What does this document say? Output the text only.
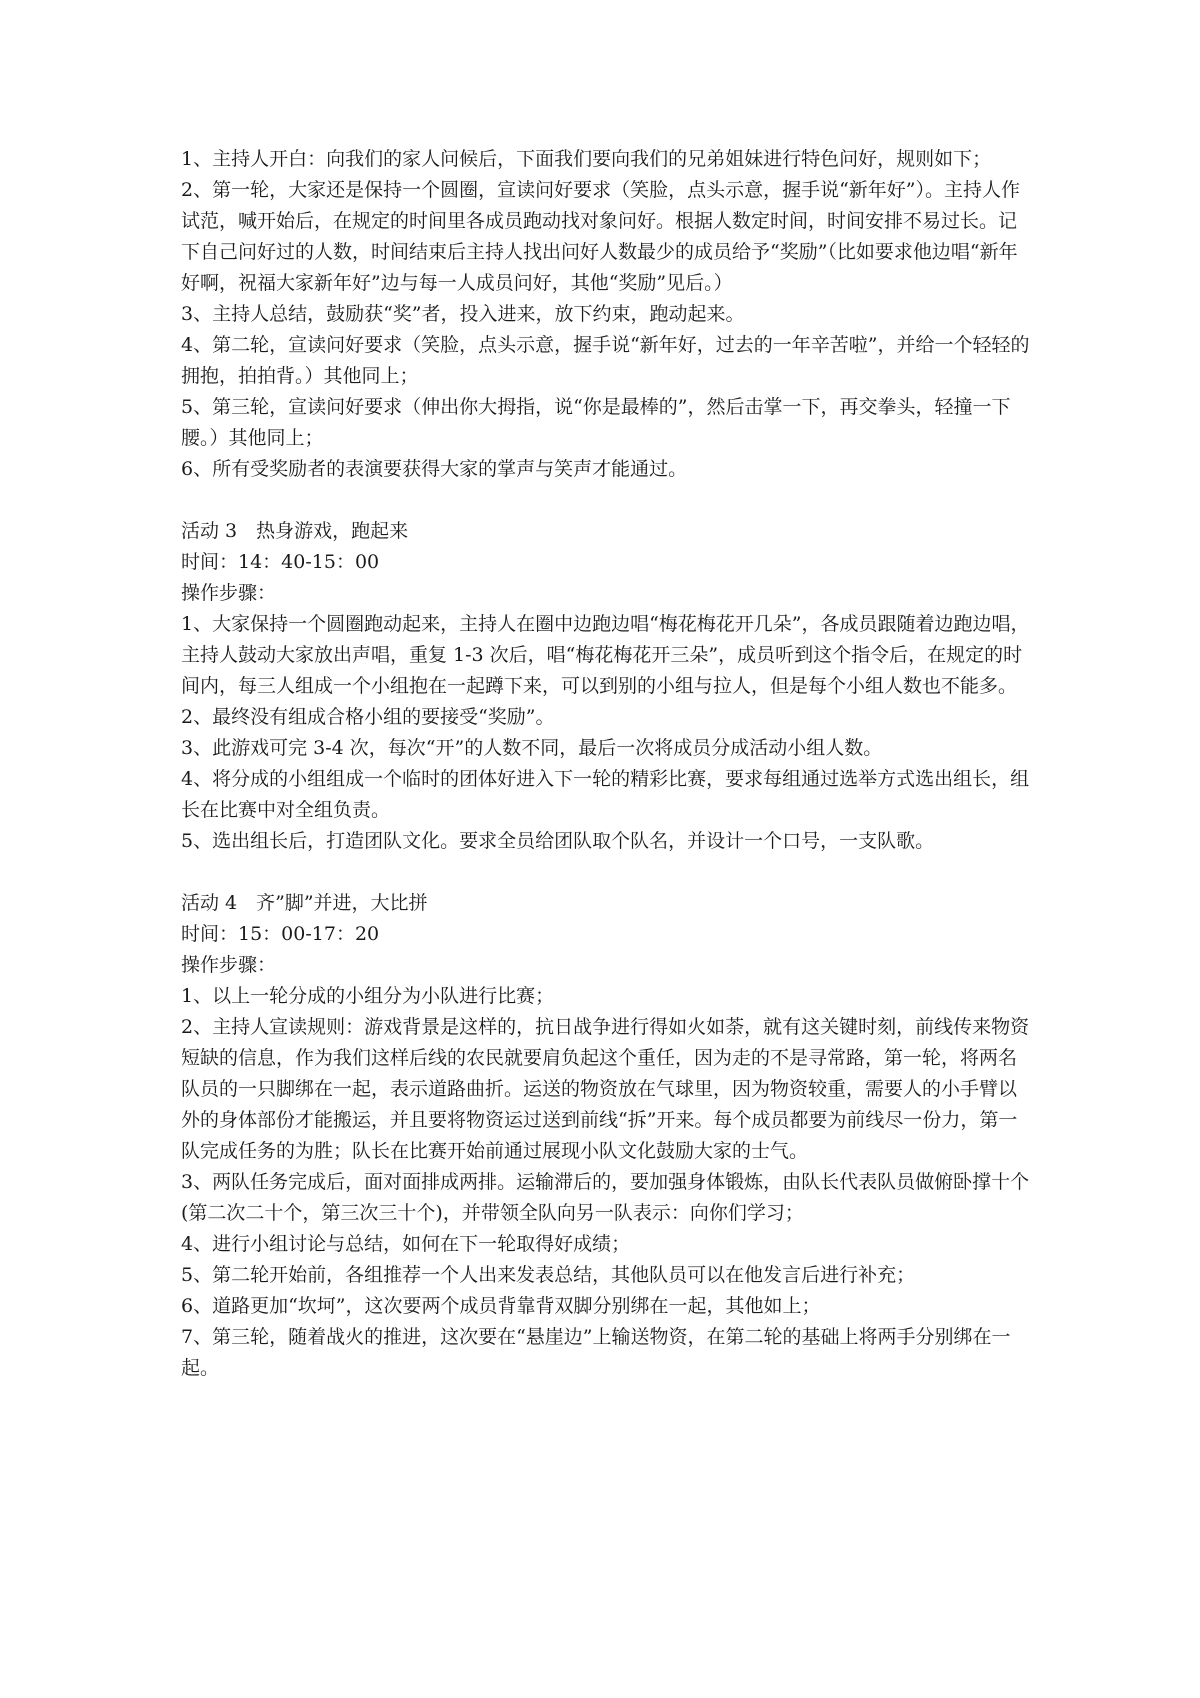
1、主持人开白：向我们的家人问候后，下面我们要向我们的兄弟姐妹进行特色问好，规则如下；

2、第一轮，大家还是保持一个圆圈，宣读问好要求（笑脸，点头示意，握手说“新年好”）。主持人作试范，喊开始后，在规定的时间里各成员跑动找对象问好。根据人数定时间，时间安排不易过长。记下自己问好过的人数，时间结束后主持人找出问好人数最少的成员给予“奖励”（比如要求他边唱“新年好啊，祝福大家新年好”边与每一人成员问好，其他“奖励”见后。）

3、主持人总结，鼓励获“奖”者，投入进来，放下约束，跑动起来。

4、第二轮，宣读问好要求（笑脸，点头示意，握手说“新年好，过去的一年辛苦啦”，并给一个轻轻的拥抱，拍拍背。）其他同上；

5、第三轮，宣读问好要求（伸出你大拇指，说“你是最棒的”，然后击掌一下，再交拳头，轻撞一下腰。）其他同上；

6、所有受奖励者的表演要获得大家的掌声与笑声才能通过。

活动 3　热身游戏，跑起来

时间：14：40-15：00

操作步骤：

1、大家保持一个圆圈跑动起来，主持人在圈中边跑边唱“梅花梅花开几朵”，各成员跟随着边跑边唱，主持人鼓动大家放出声唱，重复 1-3 次后，唱“梅花梅花开三朵”，成员听到这个指令后，在规定的时间内，每三人组成一个小组抱在一起蹲下来，可以到别的小组与拉人，但是每个小组人数也不能多。

2、最终没有组成合格小组的要接受“奖励”。

3、此游戏可完 3-4 次，每次“开”的人数不同，最后一次将成员分成活动小组人数。

4、将分成的小组组成一个临时的团体好进入下一轮的精彩比赛，要求每组通过选举方式选出组长，组长在比赛中对全组负责。

5、选出组长后，打造团队文化。要求全员给团队取个队名，并设计一个口号，一支队歌。

活动 4　齐”脚”并进，大比拼

时间：15：00-17：20

操作步骤：

1、以上一轮分成的小组分为小队进行比赛；

2、主持人宣读规则：游戏背景是这样的，抗日战争进行得如火如荼，就有这关键时刻，前线传来物资短缺的信息，作为我们这样后线的农民就要肩负起这个重任，因为走的不是寻常路，第一轮，将两名队员的一只脚绑在一起，表示道路曲折。运送的物资放在气球里，因为物资较重，需要人的小手臂以外的身体部份才能搬运，并且要将物资运过送到前线“拆”开来。每个成员都要为前线尽一份力，第一队完成任务的为胜；队长在比赛开始前通过展现小队文化鼓励大家的士气。

3、两队任务完成后，面对面排成两排。运输滞后的，要加强身体锻炼，由队长代表队员做俯卧撑十个(第二次二十个，第三次三十个)，并带领全队向另一队表示：向你们学习；

4、进行小组讨论与总结，如何在下一轮取得好成绩；

5、第二轮开始前，各组推荐一个人出来发表总结，其他队员可以在他发言后进行补充；

6、道路更加“坎坷”，这次要两个成员背靠背双脚分别绑在一起，其他如上；

7、第三轮，随着战火的推进，这次要在“悬崖边”上输送物资，在第二轮的基础上将两手分别绑在一起。
